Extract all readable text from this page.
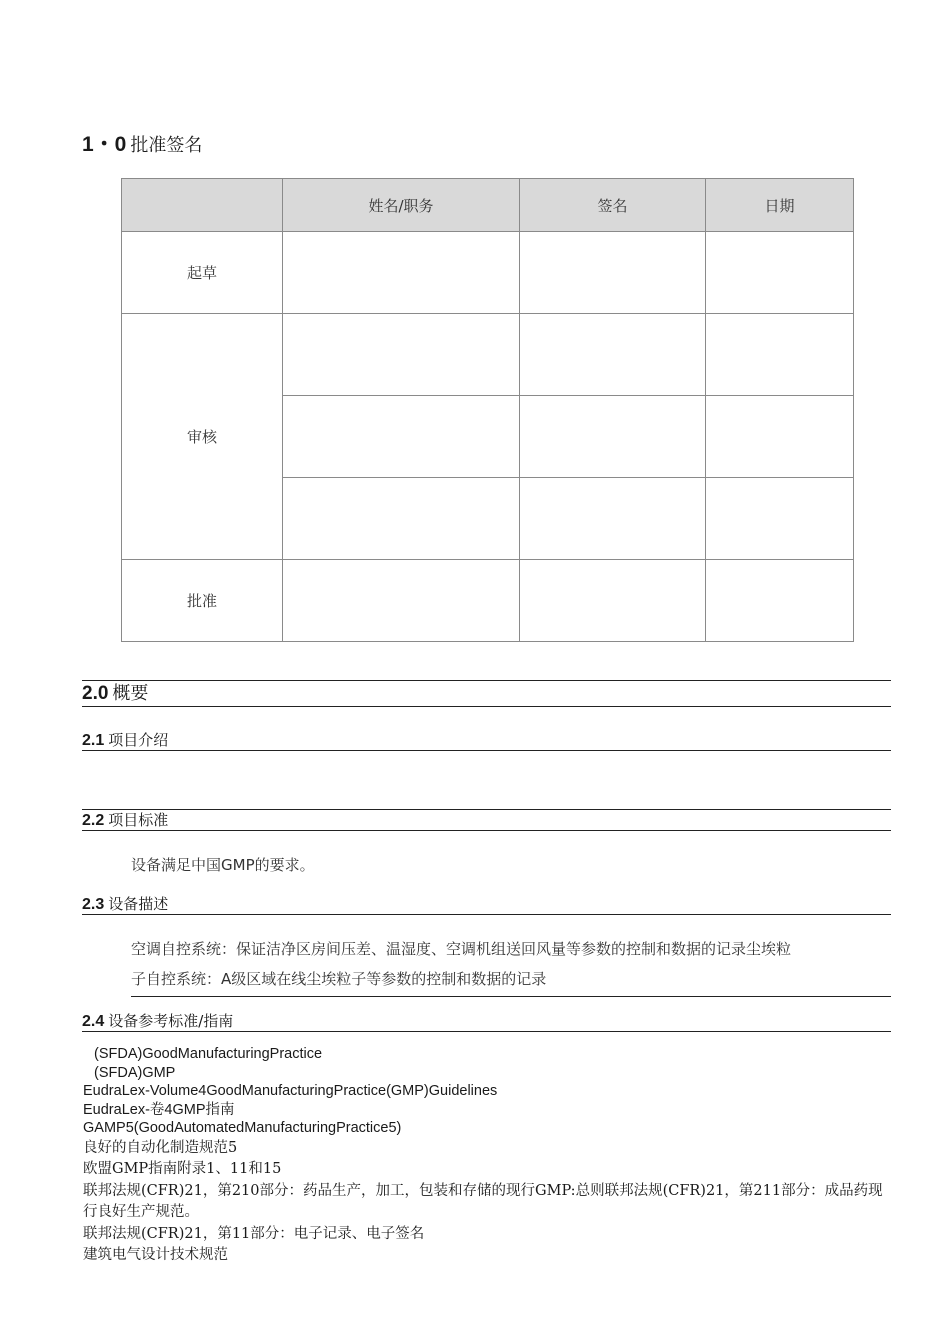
1・0 批准签名
	姓名/职务	签名	日期
起草			
审核			

批准			
2.0 概要
2.1 项目介绍
2.2 项目标准
设备满足中国GMP的要求。
2.3 设备描述
空调自控系统：保证洁净区房间压差、温湿度、空调机组送回风量等参数的控制和数据的记录尘埃粒
子自控系统：A级区域在线尘埃粒子等参数的控制和数据的记录
2.4 设备参考标准/指南
(SFDA)GoodManufacturingPractice
(SFDA)GMP
EudraLex-Volume4GoodManufacturingPractice(GMP)Guidelines
EudraLex-卷4GMP指南
GAMP5(GoodAutomatedManufacturingPractice5)
良好的自动化制造规范5
欧盟GMP指南附录1、11和15
联邦法规(CFR)21，第210部分：药品生产，加工，包装和存储的现行GMP:总则联邦法规(CFR)21，第211部分：成品药现行良好生产规范。
联邦法规(CFR)21，第11部分：电子记录、电子签名
建筑电气设计技术规范
